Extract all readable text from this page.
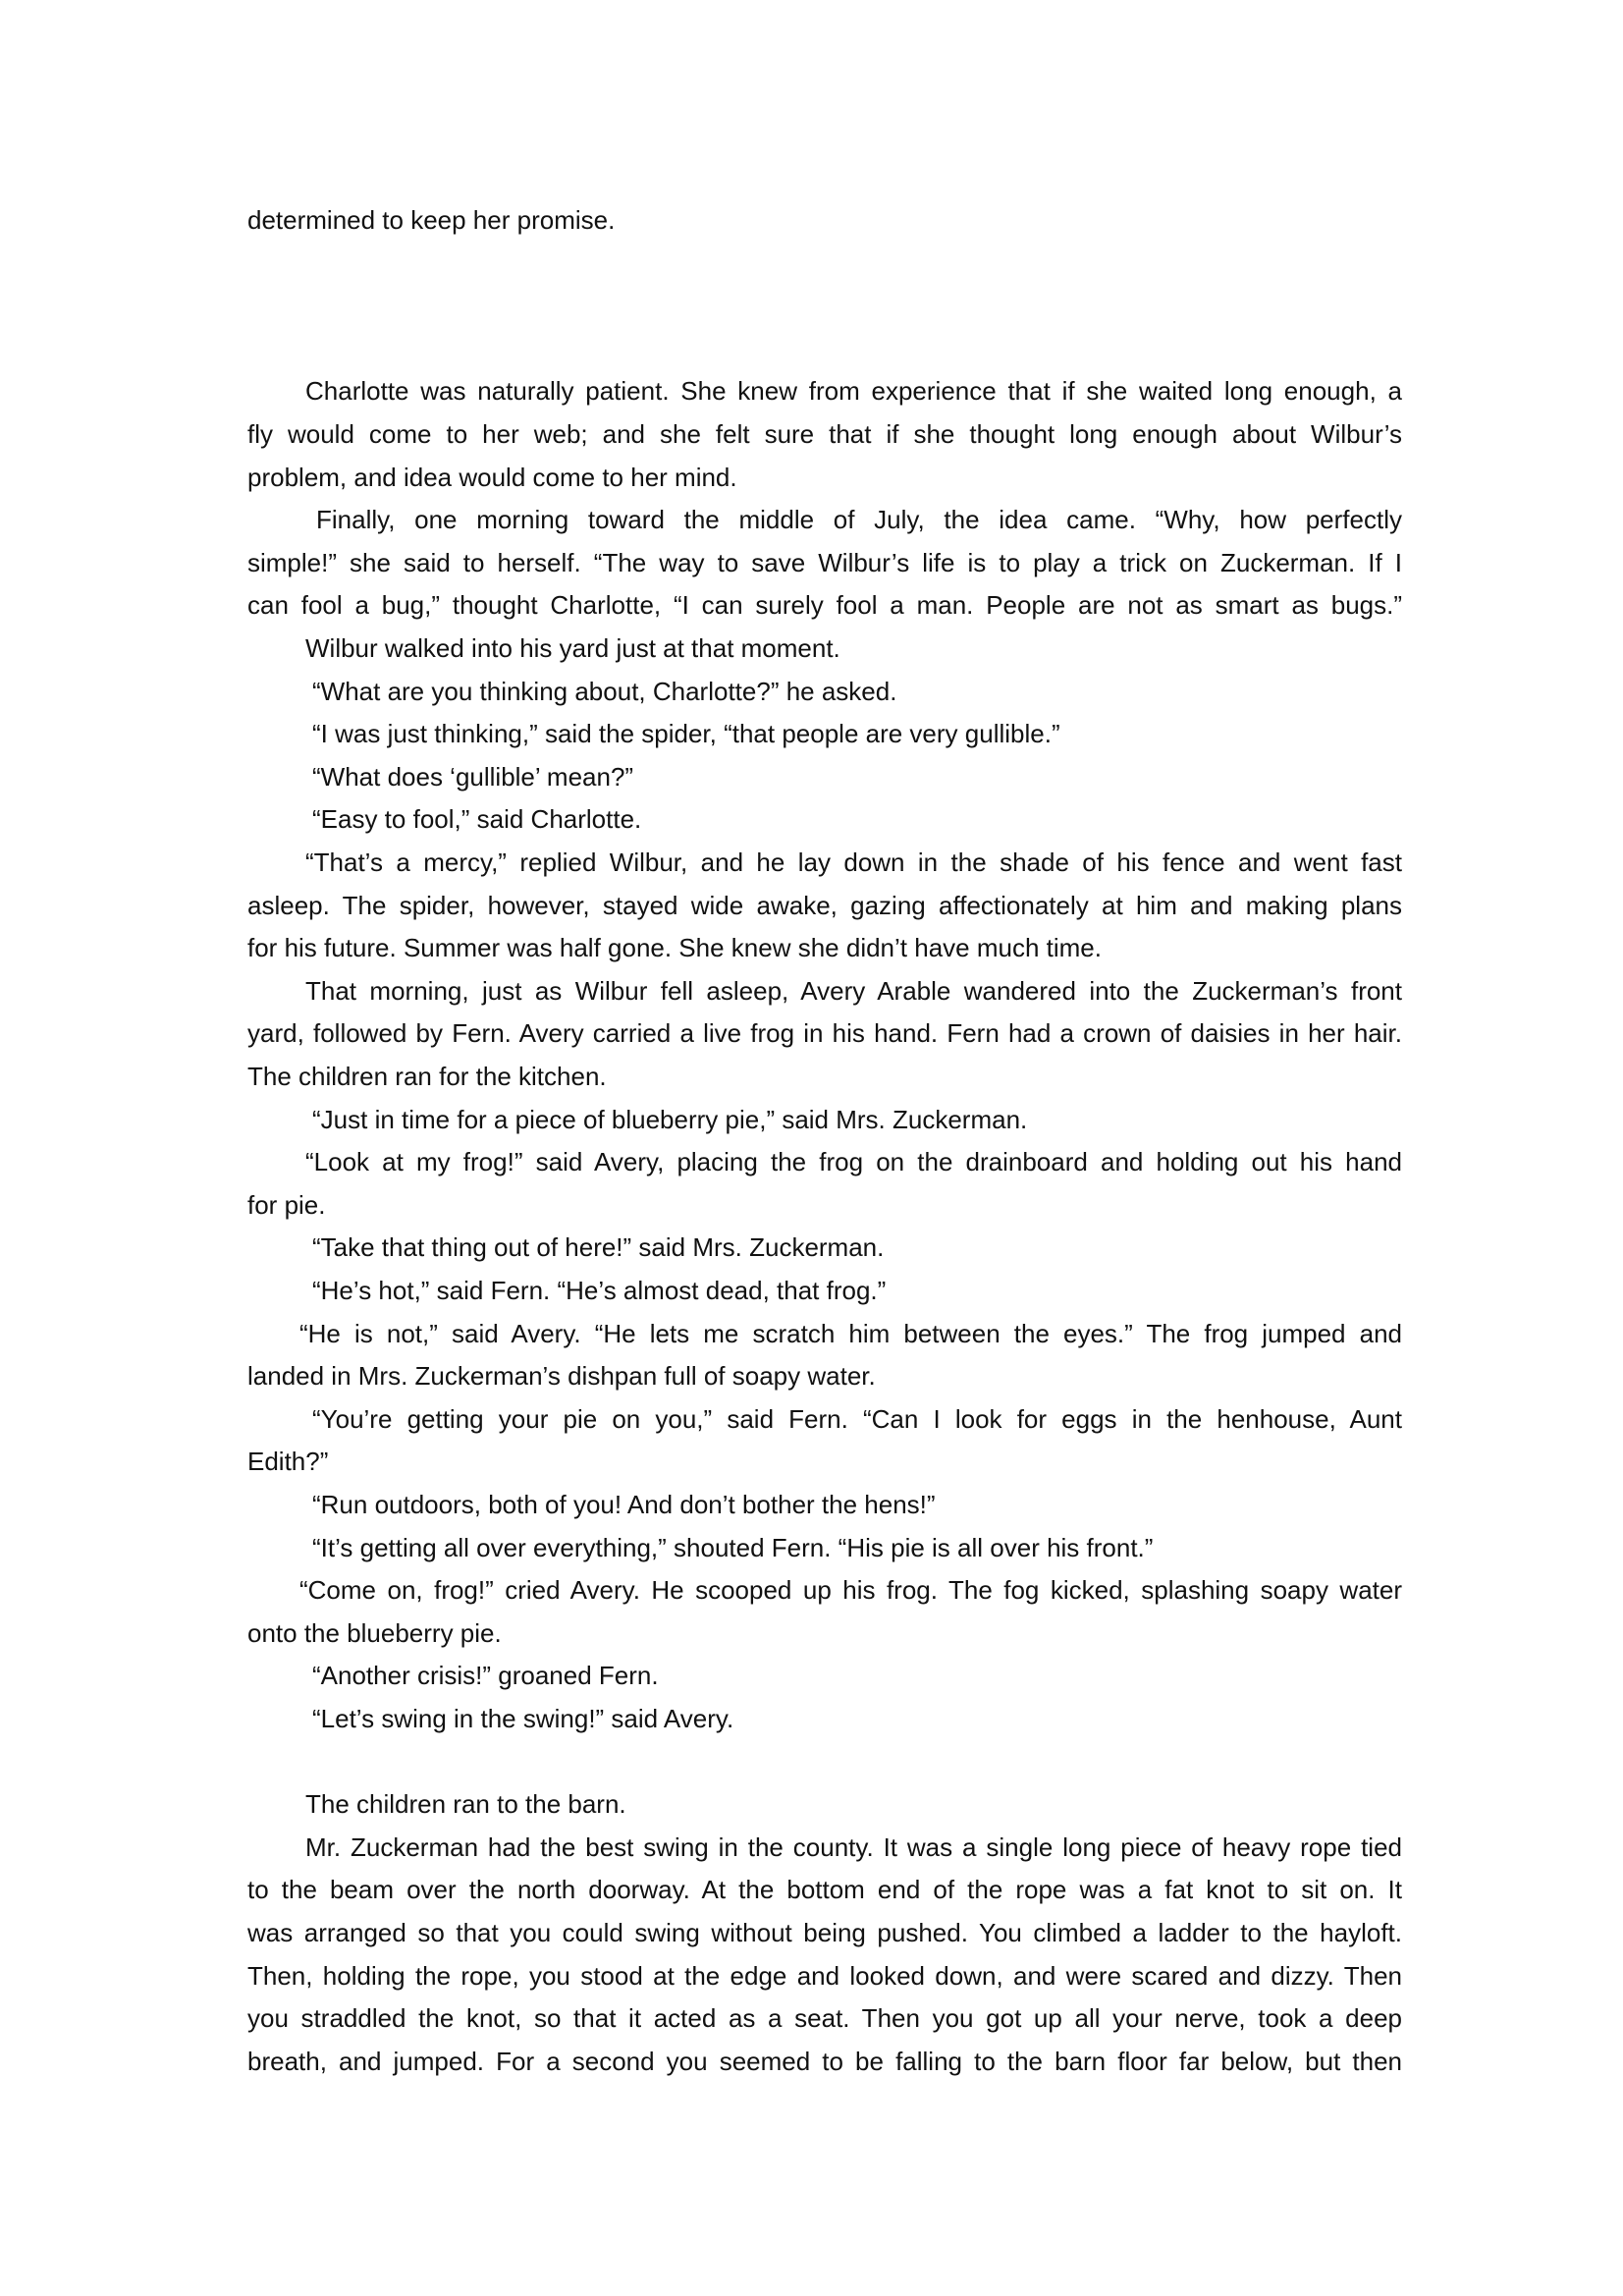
determined to keep her promise.
Charlotte was naturally patient. She knew from experience that if she waited long enough, a
fly would come to her web; and she felt sure that if she thought long enough about Wilbur’s
problem, and idea would come to her mind.
Finally, one morning toward the middle of July, the idea came. “Why, how perfectly
simple!” she said to herself. “The way to save Wilbur’s life is to play a trick on Zuckerman. If I
can fool a bug,” thought Charlotte, “I can surely fool a man. People are not as smart as bugs.”
Wilbur walked into his yard just at that moment.
“What are you thinking about, Charlotte?” he asked.
“I was just thinking,” said the spider, “that people are very gullible.”
“What does ‘gullible’ mean?”
“Easy to fool,” said Charlotte.
“That’s a mercy,” replied Wilbur, and he lay down in the shade of his fence and went fast
asleep. The spider, however, stayed wide awake, gazing affectionately at him and making plans
for his future. Summer was half gone. She knew she didn’t have much time.
That morning, just as Wilbur fell asleep, Avery Arable wandered into the Zuckerman’s front
yard, followed by Fern. Avery carried a live frog in his hand. Fern had a crown of daisies in her hair.
The children ran for the kitchen.
“Just in time for a piece of blueberry pie,” said Mrs. Zuckerman.
“Look at my frog!” said Avery, placing the frog on the drainboard and holding out his hand
for pie.
“Take that thing out of here!” said Mrs. Zuckerman.
“He’s hot,” said Fern. “He’s almost dead, that frog.”
“He is not,” said Avery. “He lets me scratch him between the eyes.” The frog jumped and
landed in Mrs. Zuckerman’s dishpan full of soapy water.
“You’re getting your pie on you,” said Fern. “Can I look for eggs in the henhouse, Aunt
Edith?”
“Run outdoors, both of you! And don’t bother the hens!”
“It’s getting all over everything,” shouted Fern. “His pie is all over his front.”
“Come on, frog!” cried Avery. He scooped up his frog. The fog kicked, splashing soapy water
onto the blueberry pie.
“Another crisis!” groaned Fern.
“Let’s swing in the swing!” said Avery.
The children ran to the barn.
Mr. Zuckerman had the best swing in the county. It was a single long piece of heavy rope tied
to the beam over the north doorway. At the bottom end of the rope was a fat knot to sit on. It
was arranged so that you could swing without being pushed. You climbed a ladder to the hayloft.
Then, holding the rope, you stood at the edge and looked down, and were scared and dizzy. Then
you straddled the knot, so that it acted as a seat. Then you got up all your nerve, took a deep
breath, and jumped. For a second you seemed to be falling to the barn floor far below, but then
